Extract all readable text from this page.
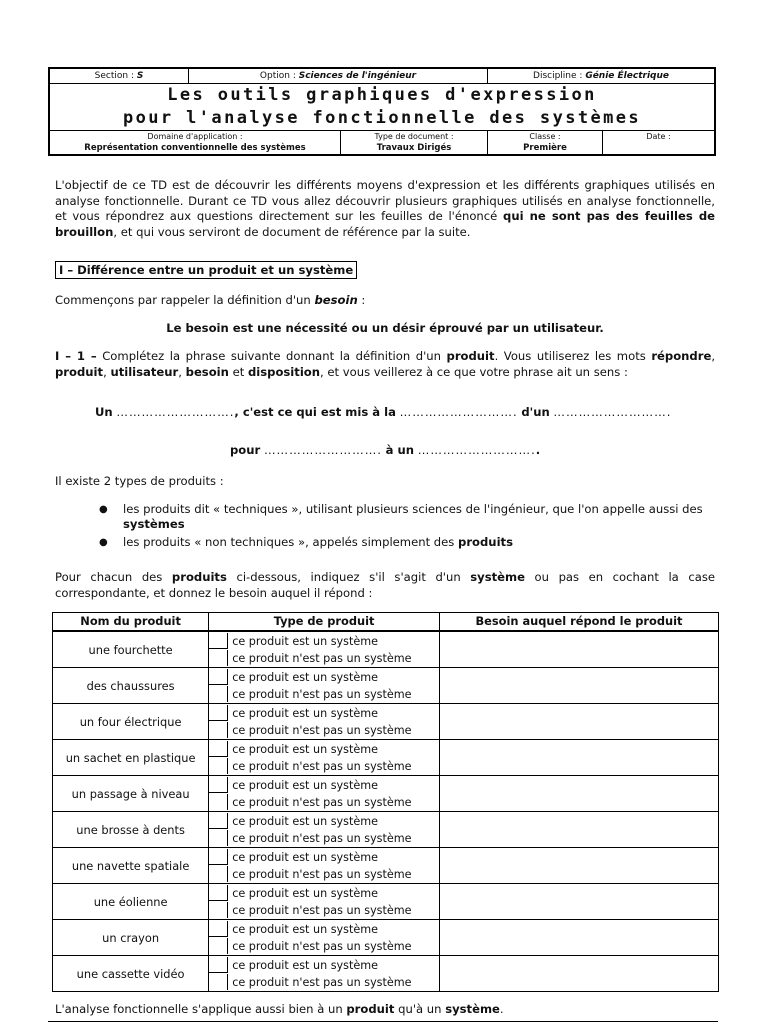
Section : S	Option : Sciences de l'ingénieur	Discipline : Génie Électrique
Les outils graphiques d'expression
pour l'analyse fonctionnelle des systèmes
Domaine d'application :
Représentation conventionnelle des systèmes
Type de document :
Travaux Dirigés
Classe :
Première
Date :

L'objectif de ce TD est de découvrir les différents moyens d'expression et les différents graphiques utilisés en analyse fonctionnelle. Durant ce TD vous allez découvrir plusieurs graphiques utilisés en analyse fonctionnelle, et vous répondrez aux questions directement sur les feuilles de l'énoncé qui ne sont pas des feuilles de brouillon, et qui vous serviront de document de référence par la suite.
I – Différence entre un produit et un système
Commençons par rappeler la définition d'un besoin :
Le besoin est une nécessité ou un désir éprouvé par un utilisateur.
I – 1 – Complétez la phrase suivante donnant la définition d'un produit. Vous utiliserez les mots répondre, produit, utilisateur, besoin et disposition, et vous veillerez à ce que votre phrase ait un sens :
Un ………………………., c'est ce qui est mis à la ………………………. d'un ……………………….
pour ………………………. à un ………………………..
Il existe 2 types de produits :
● les produits dit « techniques », utilisant plusieurs sciences de l'ingénieur, que l'on appelle aussi des systèmes
● les produits « non techniques », appelés simplement des produits
Pour chacun des produits ci-dessous, indiquez s'il s'agit d'un système ou pas en cochant la case correspondante, et donnez le besoin auquel il répond :
Nom du produit	Type de produit	Besoin auquel répond le produit
une fourchette	ce produit est un système
ce produit n'est pas un système	

des chaussures	ce produit est un système
ce produit n'est pas un système	

un four électrique	ce produit est un système
ce produit n'est pas un système	

un sachet en plastique	ce produit est un système
ce produit n'est pas un système	

un passage à niveau	ce produit est un système
ce produit n'est pas un système	

une brosse à dents	ce produit est un système
ce produit n'est pas un système	

une navette spatiale	ce produit est un système
ce produit n'est pas un système	

une éolienne	ce produit est un système
ce produit n'est pas un système	

un crayon	ce produit est un système
ce produit n'est pas un système	

une cassette vidéo	ce produit est un système
ce produit n'est pas un système	

L'analyse fonctionnelle s'applique aussi bien à un produit qu'à un système.
